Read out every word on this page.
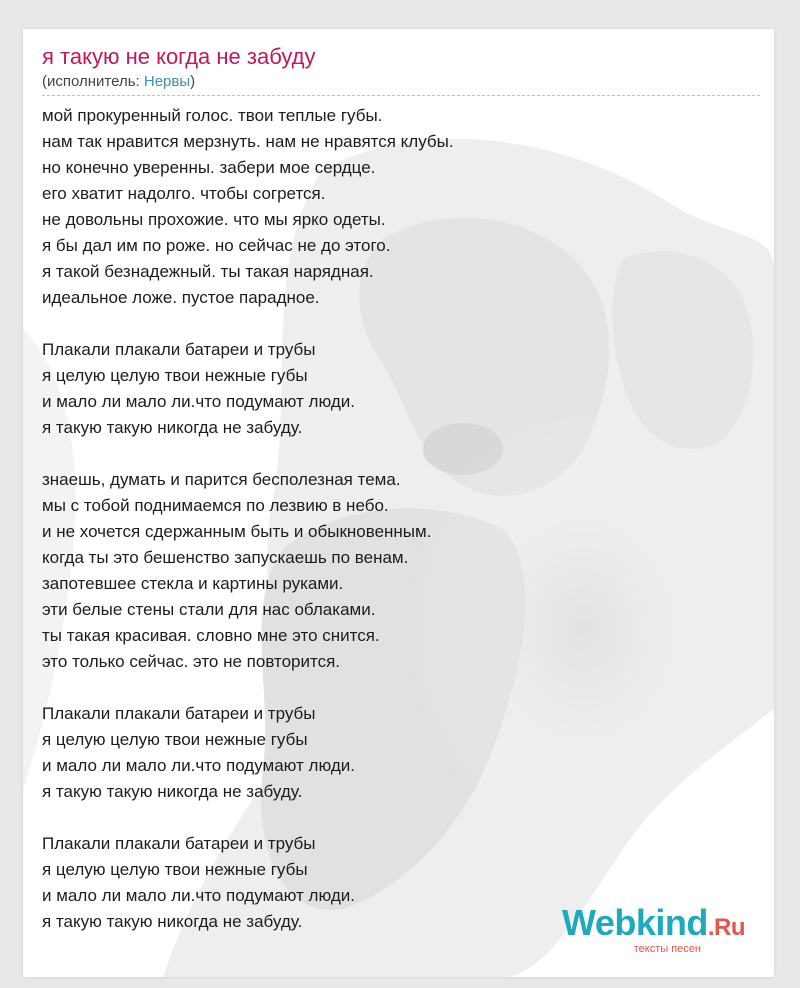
я такую не когда не забуду
(исполнитель: Нервы)
мой прокуренный голос. твои теплые губы.
нам так нравится мерзнуть. нам не нравятся клубы.
но конечно уверенны. забери мое сердце.
его хватит надолго. чтобы согрется.
не довольны прохожие. что мы ярко одеты.
я бы дал им по роже. но сейчас не до этого.
я такой безнадежный. ты такая нарядная.
идеальное ложе. пустое парадное.
Плакали плакали батареи и трубы
я целую целую твои нежные губы
и мало ли мало ли.что подумают люди.
я такую такую никогда не забуду.
знаешь, думать и парится бесполезная тема.
мы с тобой поднимаемся по лезвию в небо.
и не хочется сдержанным быть и обыкновенным.
когда ты это бешенство запускаешь по венам.
запотевшее стекла и картины руками.
эти белые стены стали для нас облаками.
ты такая красивая. словно мне это снится.
это только сейчас. это не повторится.
Плакали плакали батареи и трубы
я целую целую твои нежные губы
и мало ли мало ли.что подумают люди.
я такую такую никогда не забуду.
Плакали плакали батареи и трубы
я целую целую твои нежные губы
и мало ли мало ли.что подумают люди.
я такую такую никогда не забуду.	Webkind.Ru
тексты песен
